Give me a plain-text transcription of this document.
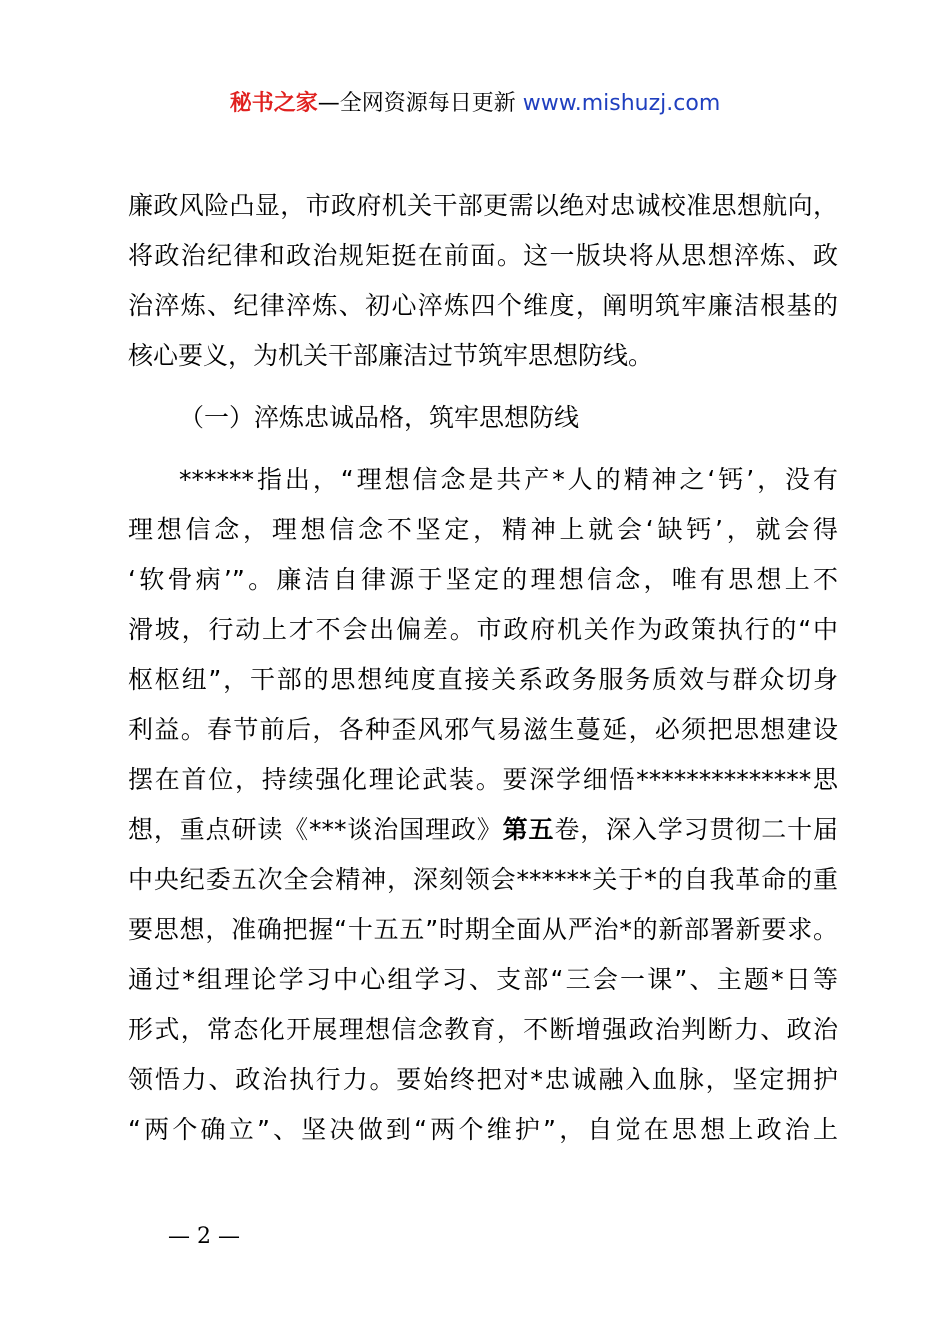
秘书之家—全网资源每日更新 www.mishuzj.com
廉政风险凸显，市政府机关干部更需以绝对忠诚校准思想航向，
将政治纪律和政治规矩挺在前面。这一版块将从思想淬炼、政
治淬炼、纪律淬炼、初心淬炼四个维度，阐明筑牢廉洁根基的
核心要义，为机关干部廉洁过节筑牢思想防线。
（一）淬炼忠诚品格，筑牢思想防线
******指出，“理想信念是共产*人的精神之‘钙’，没有
理想信念，理想信念不坚定，精神上就会‘缺钙’，就会得
‘软骨病’”。廉洁自律源于坚定的理想信念，唯有思想上不
滑坡，行动上才不会出偏差。市政府机关作为政策执行的“中
枢枢纽”，干部的思想纯度直接关系政务服务质效与群众切身
利益。春节前后，各种歪风邪气易滋生蔓延，必须把思想建设
摆在首位，持续强化理论武装。要深学细悟**************思
想，重点研读《***谈治国理政》第五卷，深入学习贯彻二十届
中央纪委五次全会精神，深刻领会******关于*的自我革命的重
要思想，准确把握“十五五”时期全面从严治*的新部署新要求。
通过*组理论学习中心组学习、支部“三会一课”、主题*日等
形式，常态化开展理想信念教育，不断增强政治判断力、政治
领悟力、政治执行力。要始终把对*忠诚融入血脉，坚定拥护
“两个确立”、坚决做到“两个维护”，自觉在思想上政治上
— 2 —
